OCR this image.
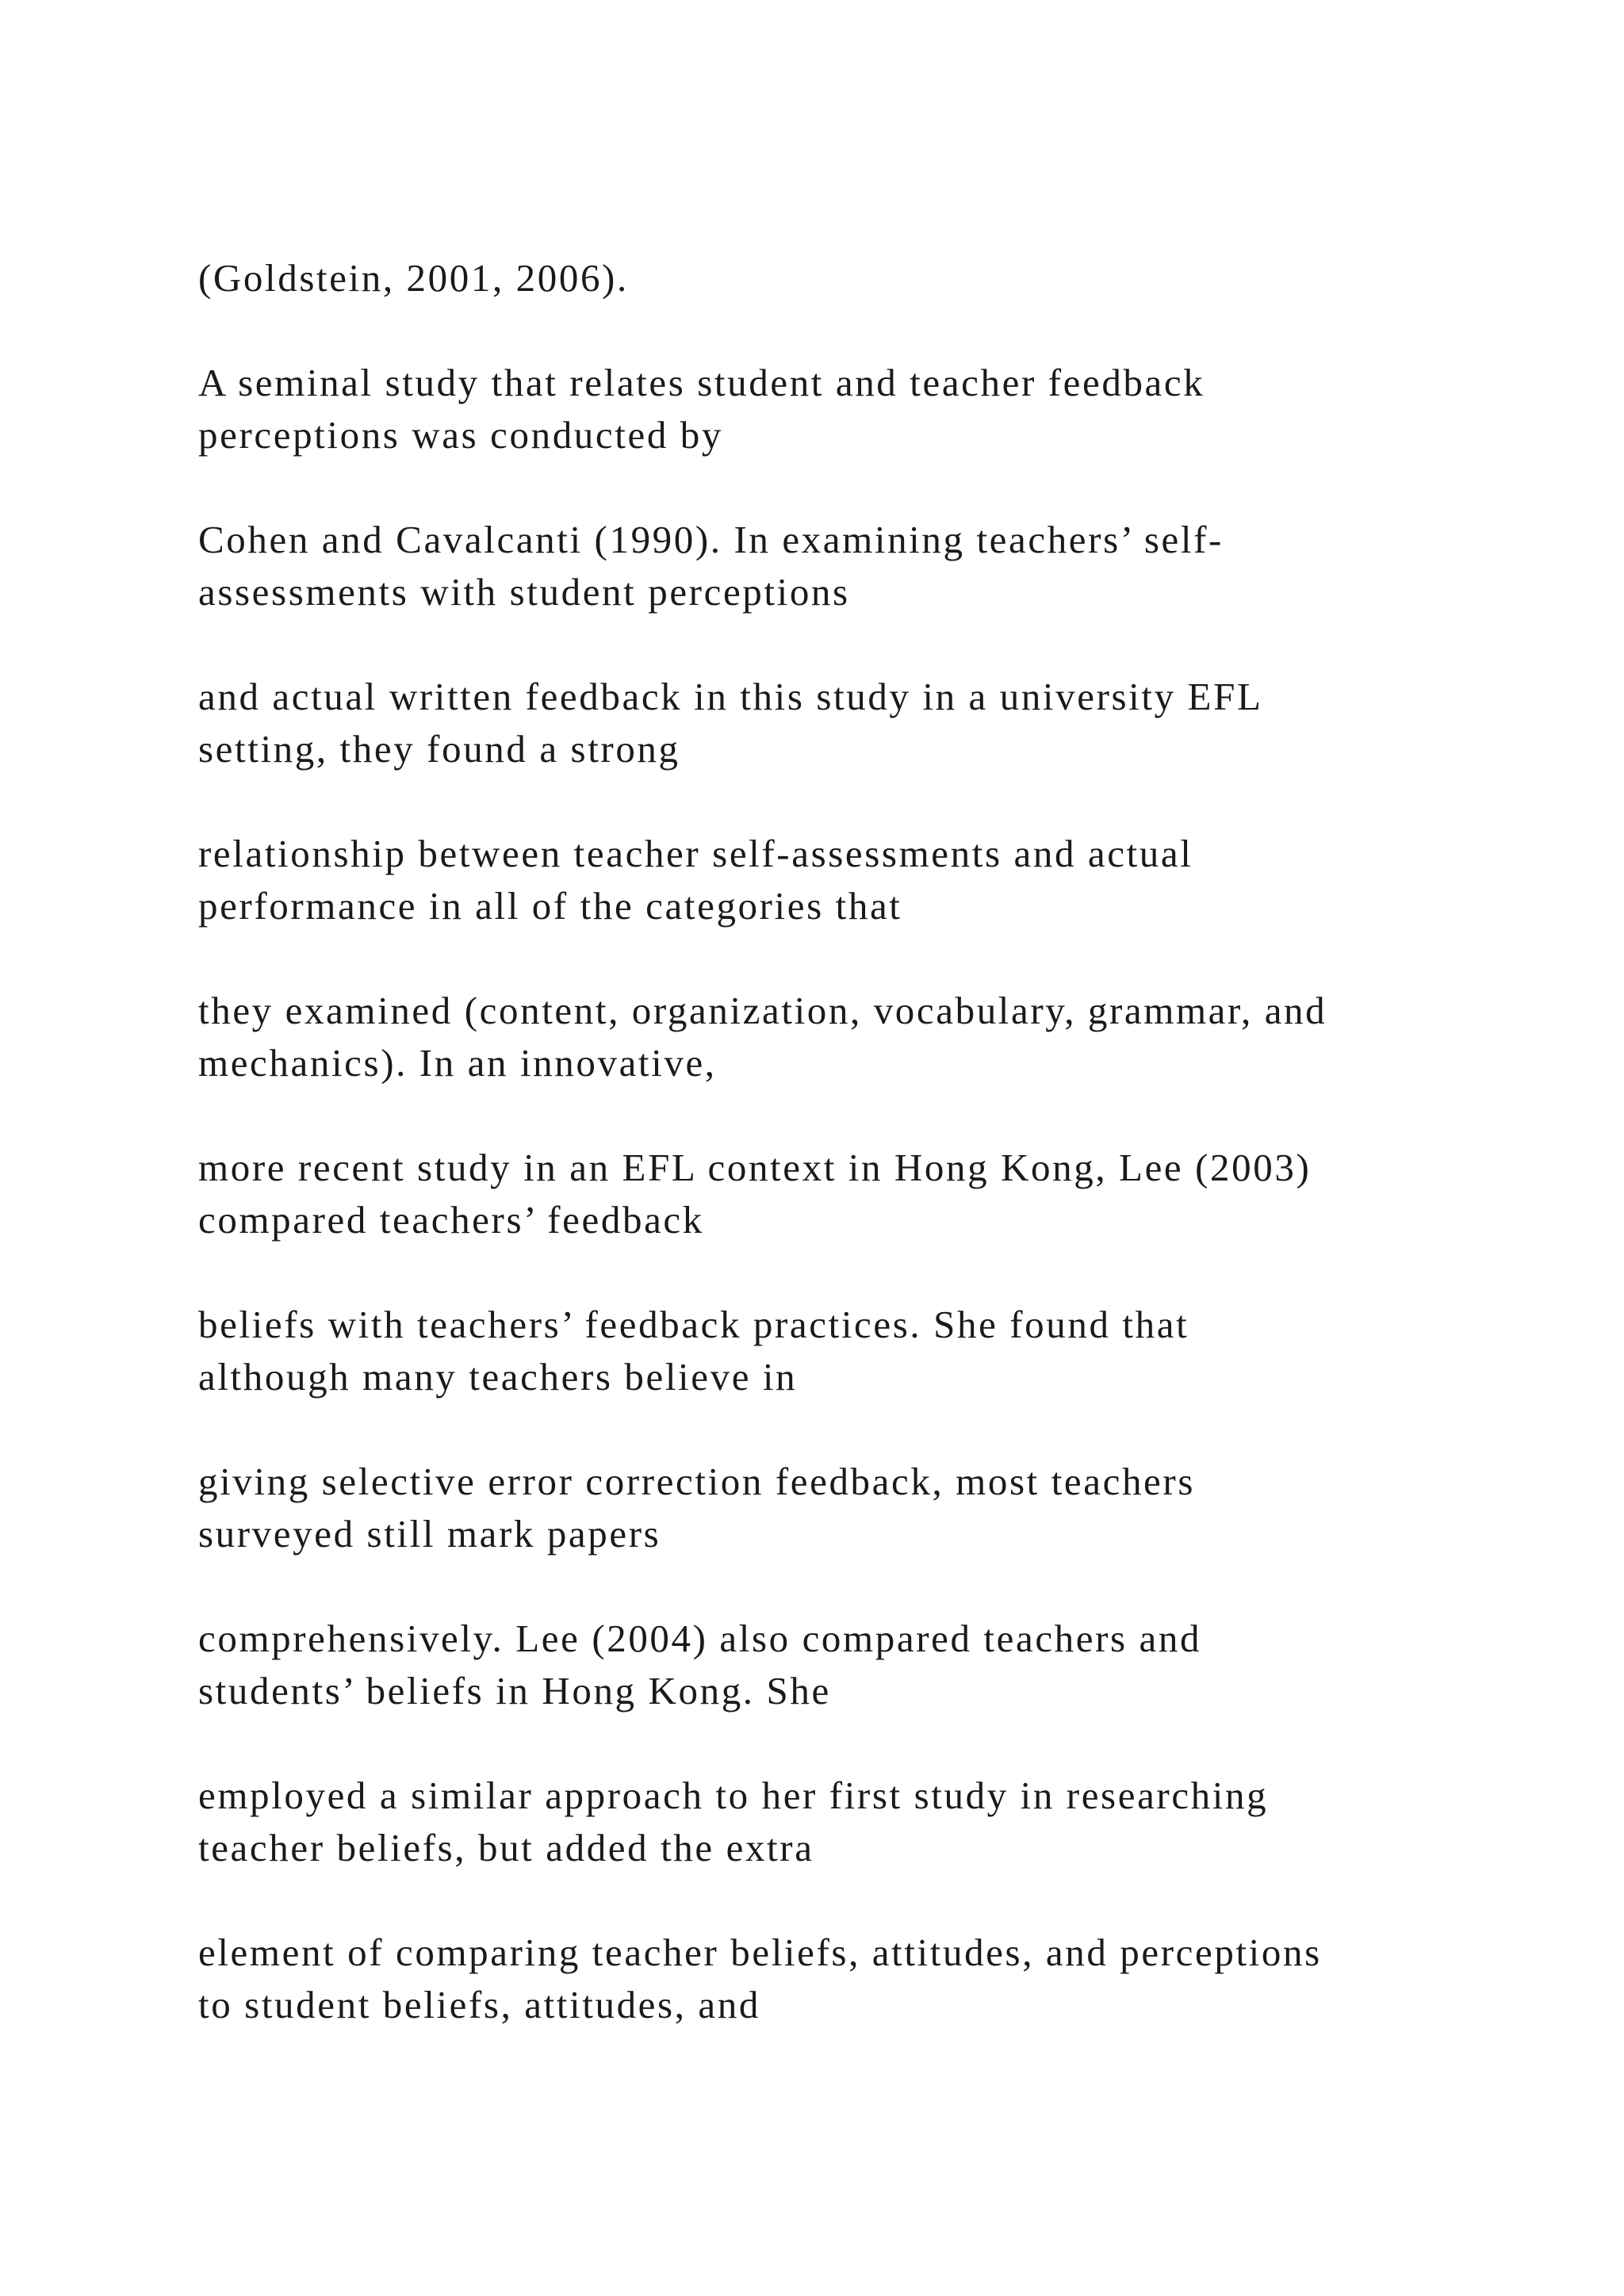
(Goldstein, 2001, 2006).

A seminal study that relates student and teacher feedback
perceptions was conducted by

Cohen and Cavalcanti (1990). In examining teachers’ self-
assessments with student perceptions

and actual written feedback in this study in a university EFL
setting, they found a strong

relationship between teacher self-assessments and actual
performance in all of the categories that

they examined (content, organization, vocabulary, grammar, and
mechanics). In an innovative,

more recent study in an EFL context in Hong Kong, Lee (2003)
compared teachers’ feedback

beliefs with teachers’ feedback practices. She found that
although many teachers believe in

giving selective error correction feedback, most teachers
surveyed still mark papers

comprehensively. Lee (2004) also compared teachers and
students’ beliefs in Hong Kong. She

employed a similar approach to her first study in researching
teacher beliefs, but added the extra

element of comparing teacher beliefs, attitudes, and perceptions
to student beliefs, attitudes, and
